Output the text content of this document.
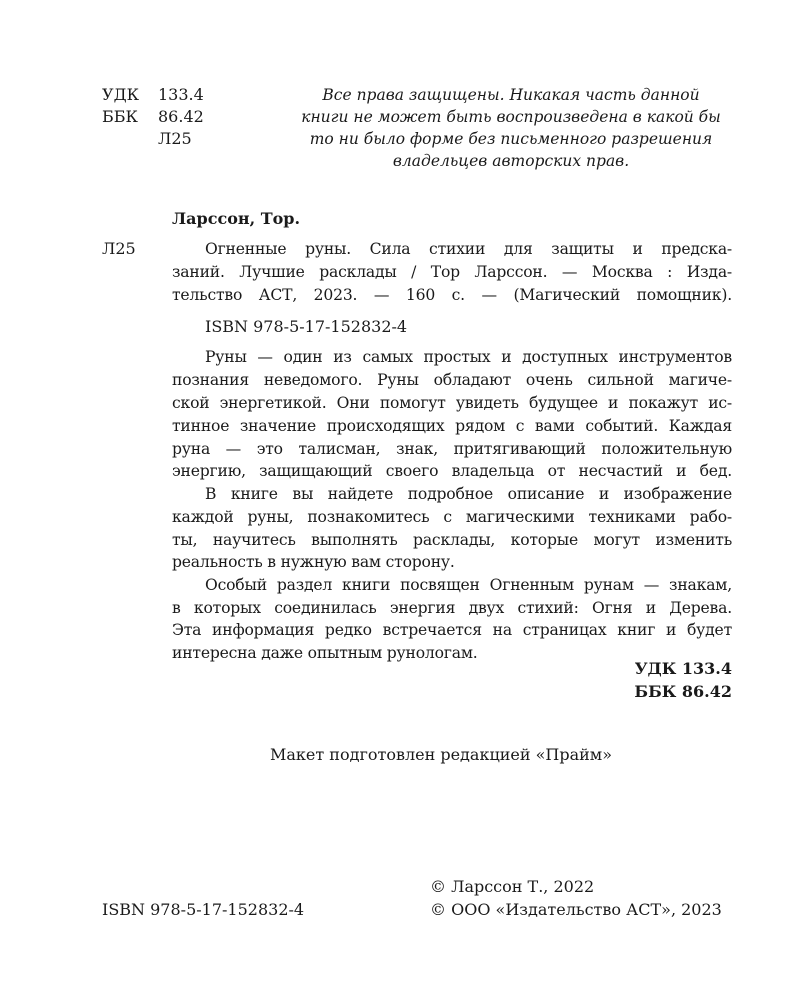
УДК 133.4
ББК 86.42
Л25
Все права защищены. Никакая часть данной
книги не может быть воспроизведена в какой бы
то ни было форме без письменного разрешения
владельцев авторских прав.
Ларссон, Тор.
Л25	Огненные руны. Сила стихии для защиты и предска-
заний. Лучшие расклады / Тор Ларссон. — Москва : Изда-
тельство АСТ, 2023. — 160 с. — (Магический помощник).
ISBN 978-5-17-152832-4
Руны — один из самых простых и доступных инструментов
познания неведомого. Руны обладают очень сильной магиче-
ской энергетикой. Они помогут увидеть будущее и покажут ис-
тинное значение происходящих рядом с вами событий. Каждая
руна — это талисман, знак, притягивающий положительную
энергию, защищающий своего владельца от несчастий и бед.
В книге вы найдете подробное описание и изображение
каждой руны, познакомитесь с магическими техниками рабо-
ты, научитесь выполнять расклады, которые могут изменить
реальность в нужную вам сторону.
Особый раздел книги посвящен Огненным рунам — знакам,
в которых соединилась энергия двух стихий: Огня и Дерева.
Эта информация редко встречается на страницах книг и будет
интересна даже опытным рунологам.
УДК 133.4
ББК 86.42
Макет подготовлен редакцией «Прайм»
© Ларссон Т., 2022
© ООО «Издательство АСТ», 2023
ISBN 978-5-17-152832-4
